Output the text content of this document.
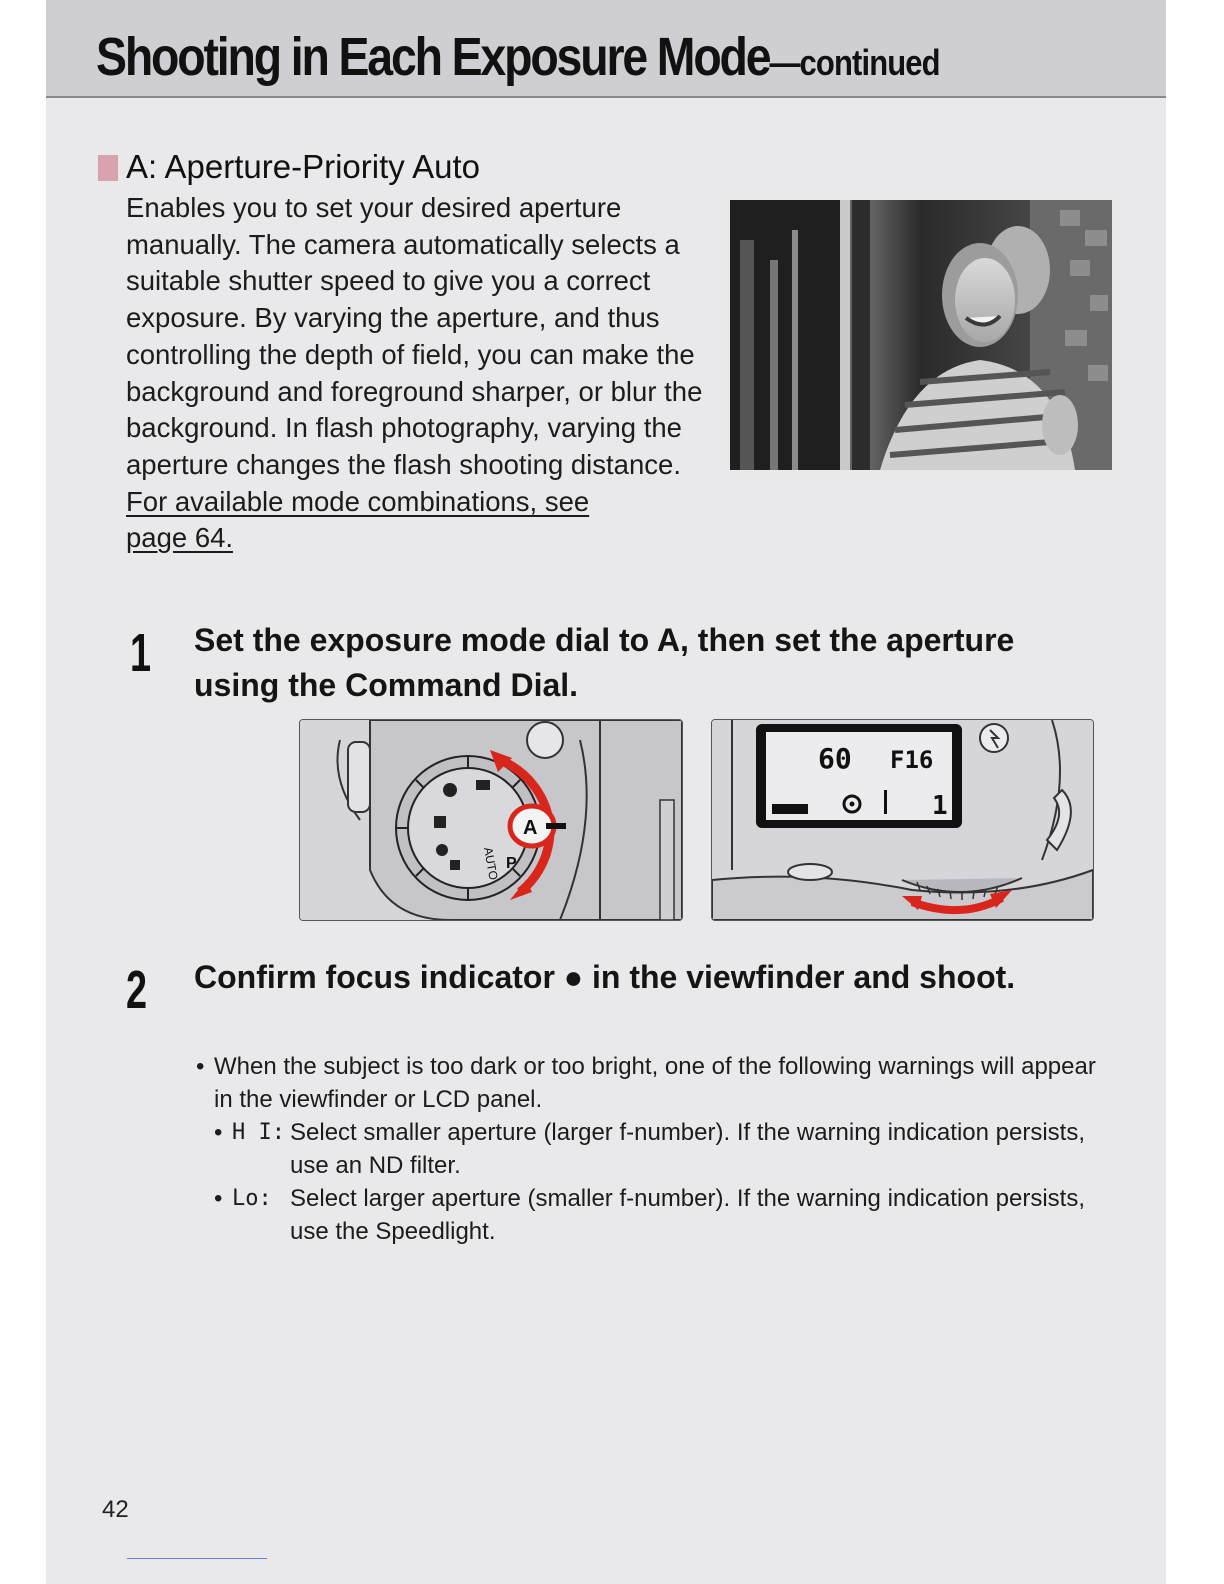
Shooting in Each Exposure Mode—continued
A: Aperture-Priority Auto

Enables you to set your desired aperture manually. The camera automatically selects a suitable shutter speed to give you a correct exposure. By varying the aperture, and thus controlling the depth of field, you can make the background and foreground sharper, or blur the background. In flash photography, varying the aperture changes the flash shooting distance.

For available mode combinations, see page 64.
1 Set the exposure mode dial to A, then set the aperture using the Command Dial.
A
P
AUTO
60 F16
1
2 Confirm focus indicator ● in the viewfinder and shoot.
• When the subject is too dark or too bright, one of the following warnings will appear in the viewfinder or LCD panel.
• H I: Select smaller aperture (larger f-number). If the warning indication persists, use an ND filter.
• Lo: Select larger aperture (smaller f-number). If the warning indication persists, use the Speedlight.
42
